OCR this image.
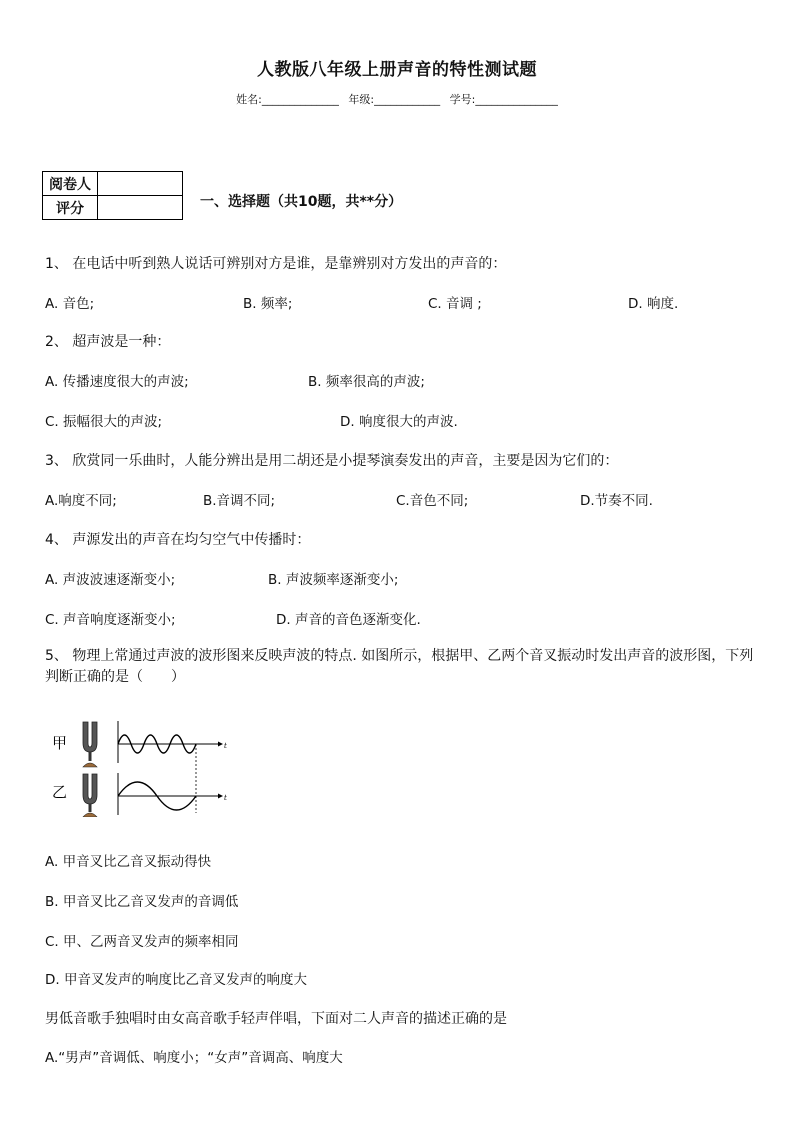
人教版八年级上册声音的特性测试题
姓名:______________ 年级:____________ 学号:_______________
阅卷人	
评分		一、选择题（共10题，共**分）
1、 在电话中听到熟人说话可辨别对方是谁，是靠辨别对方发出的声音的：
A. 音色;	B. 频率;	C. 音调 ;	D. 响度.
2、 超声波是一种：
A. 传播速度很大的声波;	B. 频率很高的声波;
C. 振幅很大的声波;	D. 响度很大的声波.
3、 欣赏同一乐曲时，人能分辨出是用二胡还是小提琴演奏发出的声音，主要是因为它们的：
A.响度不同;	B.音调不同;	C.音色不同;	D.节奏不同.
4、 声源发出的声音在均匀空气中传播时：
A. 声波波速逐渐变小;	B. 声波频率逐渐变小;
C. 声音响度逐渐变小;	D. 声音的音色逐渐变化.
5、 物理上常通过声波的波形图来反映声波的特点. 如图所示，根据甲、乙两个音叉振动时发出声音的波形图，下列判断正确的是（　　）
甲
乙
t
t
A. 甲音叉比乙音叉振动得快
B. 甲音叉比乙音叉发声的音调低
C. 甲、乙两音叉发声的频率相同
D. 甲音叉发声的响度比乙音叉发声的响度大
男低音歌手独唱时由女高音歌手轻声伴唱，下面对二人声音的描述正确的是
A.“男声”音调低、响度小；“女声”音调高、响度大
